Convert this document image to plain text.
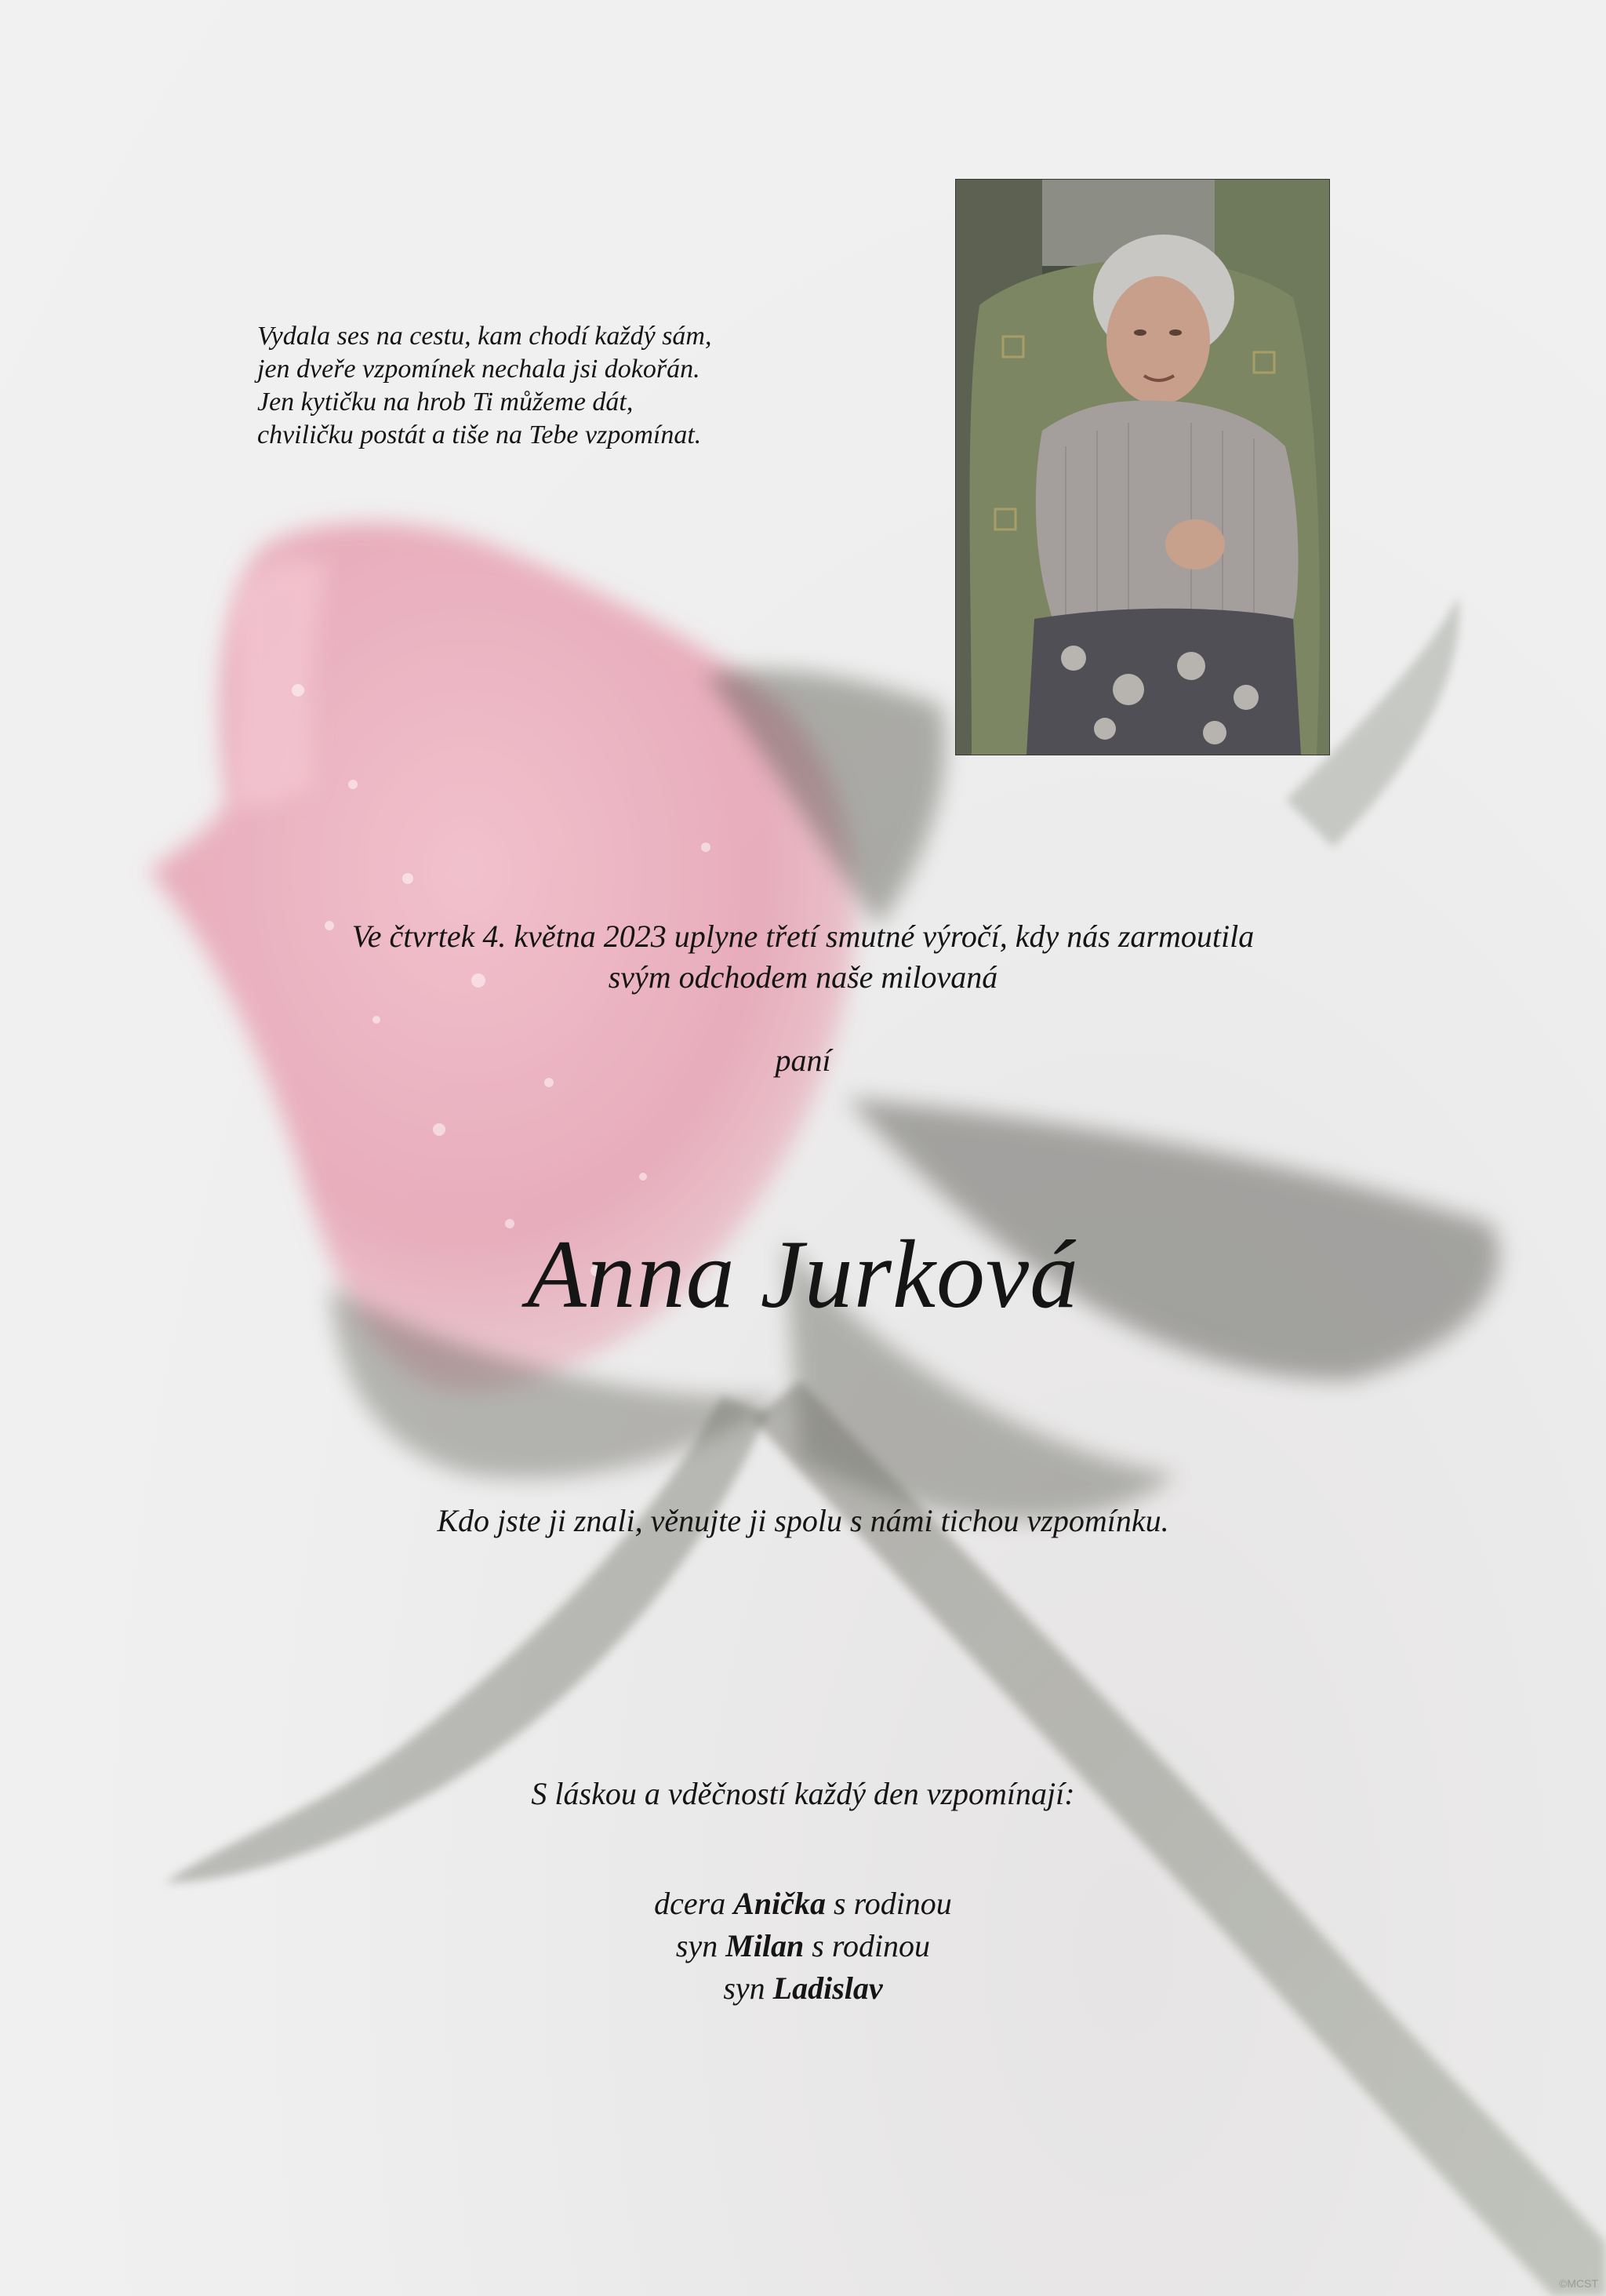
Vydala ses na cestu, kam chodí každý sám,
jen dveře vzpomínek nechala jsi dokořán.
Jen kytičku na hrob Ti můžeme dát,
chviličku postát a tiše na Tebe vzpomínat.
Ve čtvrtek 4. května 2023 uplyne třetí smutné výročí, kdy nás zarmoutila
svým odchodem naše milovaná
paní
Anna Jurková
Kdo jste ji znali, věnujte ji spolu s námi tichou vzpomínku.
S láskou a vděčností každý den vzpomínají:
dcera Anička s rodinou
syn Milan s rodinou
syn Ladislav
©MCST
